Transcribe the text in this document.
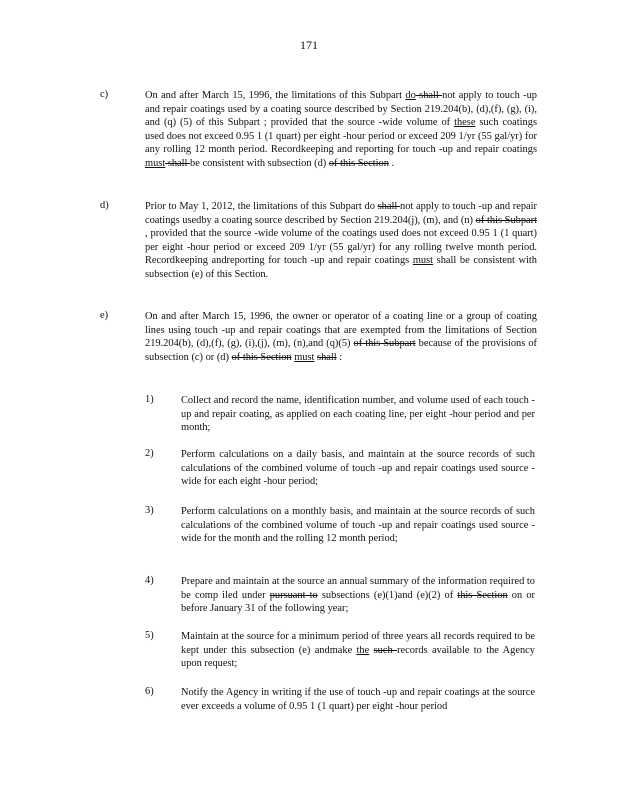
171
c)	On and after March 15, 1996, the limitations of this Subpart do shall not apply to touch -up and repair coatings used by a coating source described by Section 219.204(b), (d),(f), (g), (i), and (q) (5) of this Subpart ; provided that the source -wide volume of these such coatings used does not exceed 0.95 1 (1 quart) per eight -hour period or exceed 209 1/yr (55 gal/yr) for any rolling 12 month period. Recordkeeping and reporting for touch -up and repair coatings must shall be consistent with subsection (d) of this Section .
d)	Prior to May 1, 2012, the limitations of this Subpart do shall not apply to touch -up and repair coatings usedby a coating source described by Section 219.204(j), (m), and (n) of this Subpart , provided that the source -wide volume of the coatings used does not exceed 0.95 1 (1 quart) per eight -hour period or exceed 209 1/yr (55 gal/yr) for any rolling twelve month period. Recordkeeping andreporting for touch -up and repair coatings must shall be consistent with subsection (e) of this Section.
e)	On and after March 15, 1996, the owner or operator of a coating line or a group of coating lines using touch -up and repair coatings that are exempted from the limitations of Section 219.204(b), (d),(f), (g), (i),(j), (m), (n),and (q)(5) of this Subpart because of the provisions of subsection (c) or (d) of this Section must shall :
1)	Collect and record the name, identification number, and volume used of each touch -up and repair coating, as applied on each coating line, per eight -hour period and per month;
2)	Perform calculations on a daily basis, and maintain at the source records of such calculations of the combined volume of touch -up and repair coatings used source -wide for each eight -hour period;
3)	Perform calculations on a monthly basis, and maintain at the source records of such calculations of the combined volume of touch -up and repair coatings used source -wide for the month and the rolling 12 month period;
4)	Prepare and maintain at the source an annual summary of the information required to be comp iled under pursuant to subsections (e)(1)and (e)(2) of this Section on or before January 31 of the following year;
5)	Maintain at the source for a minimum period of three years all records required to be kept under this subsection (e) andmake the such records available to the Agency upon request;
6)	Notify the Agency in writing if the use of touch -up and repair coatings at the source ever exceeds a volume of 0.95 1 (1 quart) per eight -hour period
